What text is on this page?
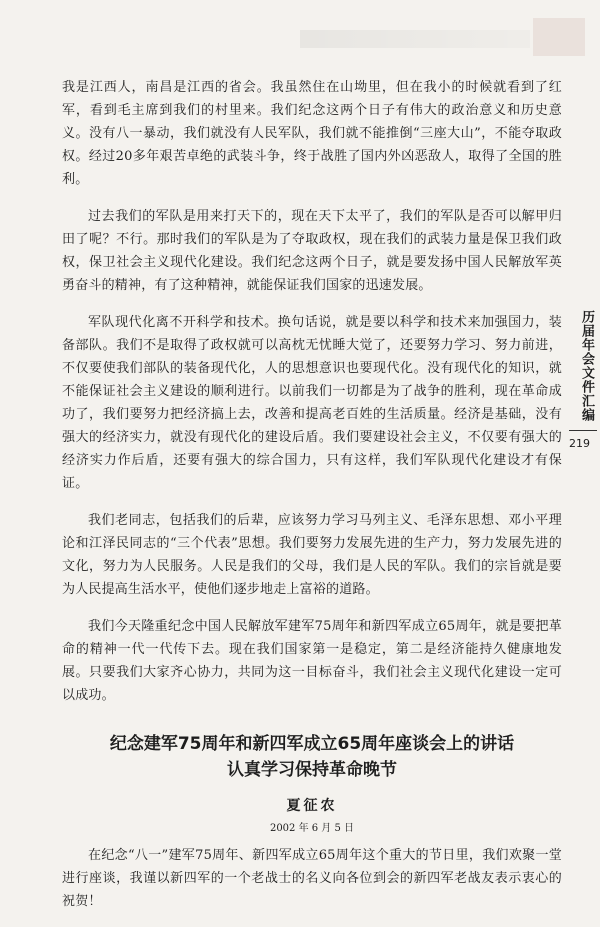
我是江西人，南昌是江西的省会。我虽然住在山坳里，但在我小的时候就看到了红军，看到毛主席到我们的村里来。我们纪念这两个日子有伟大的政治意义和历史意义。没有八一暴动，我们就没有人民军队，我们就不能推倒“三座大山”，不能夺取政权。经过20多年艰苦卓绝的武装斗争，终于战胜了国内外凶恶敌人，取得了全国的胜利。

过去我们的军队是用来打天下的，现在天下太平了，我们的军队是否可以解甲归田了呢？不行。那时我们的军队是为了夺取政权，现在我们的武装力量是保卫我们政权，保卫社会主义现代化建设。我们纪念这两个日子，就是要发扬中国人民解放军英勇奋斗的精神，有了这种精神，就能保证我们国家的迅速发展。

军队现代化离不开科学和技术。换句话说，就是要以科学和技术来加强国力，装备部队。我们不是取得了政权就可以高枕无忧睡大觉了，还要努力学习、努力前进，不仅要使我们部队的装备现代化，人的思想意识也要现代化。没有现代化的知识，就不能保证社会主义建设的顺利进行。以前我们一切都是为了战争的胜利，现在革命成功了，我们要努力把经济搞上去，改善和提高老百姓的生活质量。经济是基础，没有强大的经济实力，就没有现代化的建设后盾。我们要建设社会主义，不仅要有强大的经济实力作后盾，还要有强大的综合国力，只有这样，我们军队现代化建设才有保证。

我们老同志，包括我们的后辈，应该努力学习马列主义、毛泽东思想、邓小平理论和江泽民同志的“三个代表”思想。我们要努力发展先进的生产力，努力发展先进的文化，努力为人民服务。人民是我们的父母，我们是人民的军队。我们的宗旨就是要为人民提高生活水平，使他们逐步地走上富裕的道路。

我们今天隆重纪念中国人民解放军建军75周年和新四军成立65周年，就是要把革命的精神一代一代传下去。现在我们国家第一是稳定，第二是经济能持久健康地发展。只要我们大家齐心协力，共同为这一目标奋斗，我们社会主义现代化建设一定可以成功。

纪念建军75周年和新四军成立65周年座谈会上的讲话
认真学习保持革命晚节
夏征农
2002 年 6 月 5 日

在纪念“八一”建军75周年、新四军成立65周年这个重大的节日里，我们欢聚一堂进行座谈，我谨以新四军的一个老战士的名义向各位到会的新四军老战友表示衷心的祝贺！

历届年会文件汇编
219
